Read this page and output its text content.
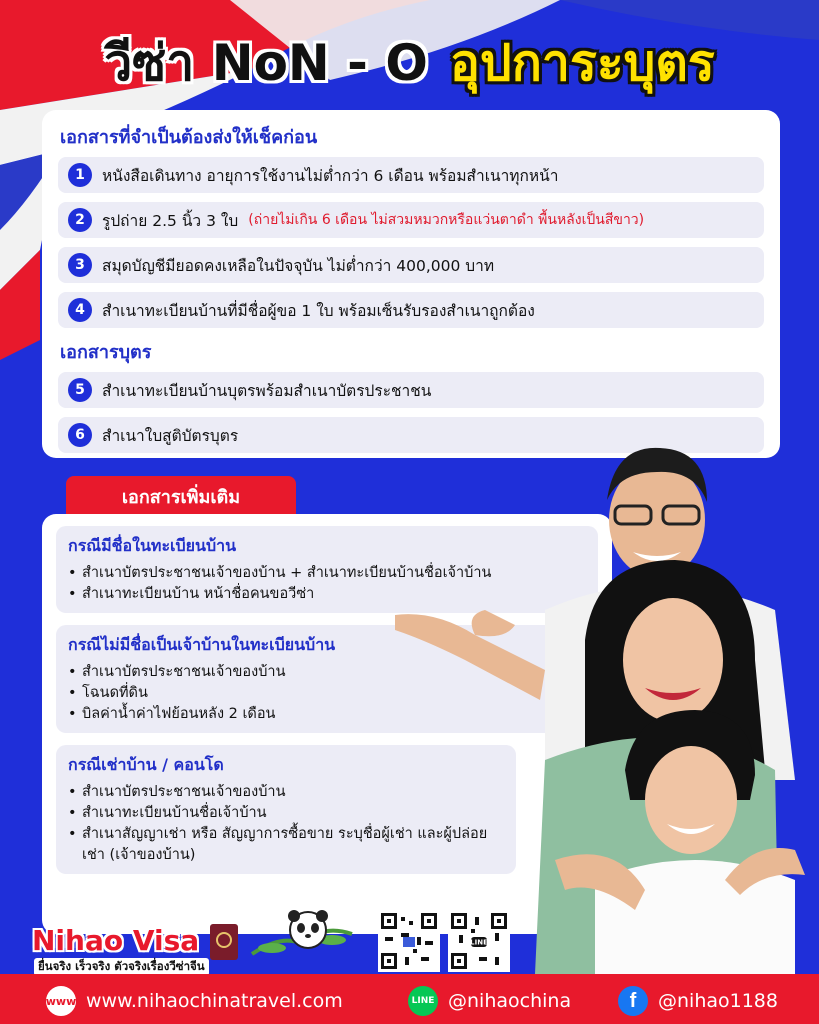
วีซ่า NoN - O อุปการะบุตร
เอกสารที่จำเป็นต้องส่งให้เช็คก่อน
1	หนังสือเดินทาง อายุการใช้งานไม่ต่ำกว่า 6 เดือน พร้อมสำเนาทุกหน้า
2	รูปถ่าย 2.5 นิ้ว 3 ใบ (ถ่ายไม่เกิน 6 เดือน ไม่สวมหมวกหรือแว่นตาดำ พื้นหลังเป็นสีขาว)
3	สมุดบัญชีมียอดคงเหลือในปัจจุบัน ไม่ต่ำกว่า 400,000 บาท
4	สำเนาทะเบียนบ้านที่มีชื่อผู้ขอ 1 ใบ พร้อมเซ็นรับรองสำเนาถูกต้อง
เอกสารบุตร
5	สำเนาทะเบียนบ้านบุตรพร้อมสำเนาบัตรประชาชน
6	สำเนาใบสูติบัตรบุตร
เอกสารเพิ่มเติม
กรณีมีชื่อในทะเบียนบ้าน
• สำเนาบัตรประชาชนเจ้าของบ้าน + สำเนาทะเบียนบ้านชื่อเจ้าบ้าน
• สำเนาทะเบียนบ้าน หน้าชื่อคนขอวีซ่า
กรณีไม่มีชื่อเป็นเจ้าบ้านในทะเบียนบ้าน
• สำเนาบัตรประชาชนเจ้าของบ้าน
• โฉนดที่ดิน
• บิลค่าน้ำค่าไฟย้อนหลัง 2 เดือน
กรณีเช่าบ้าน / คอนโด
• สำเนาบัตรประชาชนเจ้าของบ้าน
• สำเนาทะเบียนบ้านชื่อเจ้าบ้าน
• สำเนาสัญญาเช่า หรือ สัญญาการซื้อขาย ระบุชื่อผู้เช่า และผู้ปล่อยเช่า (เจ้าของบ้าน)
Nihao Visa
ยื่นจริง เร็วจริง ตัวจริงเรื่องวีซ่าจีน
LINE
www www.nihaochinatravel.com	LINE @nihaochina	f	@nihao1188
